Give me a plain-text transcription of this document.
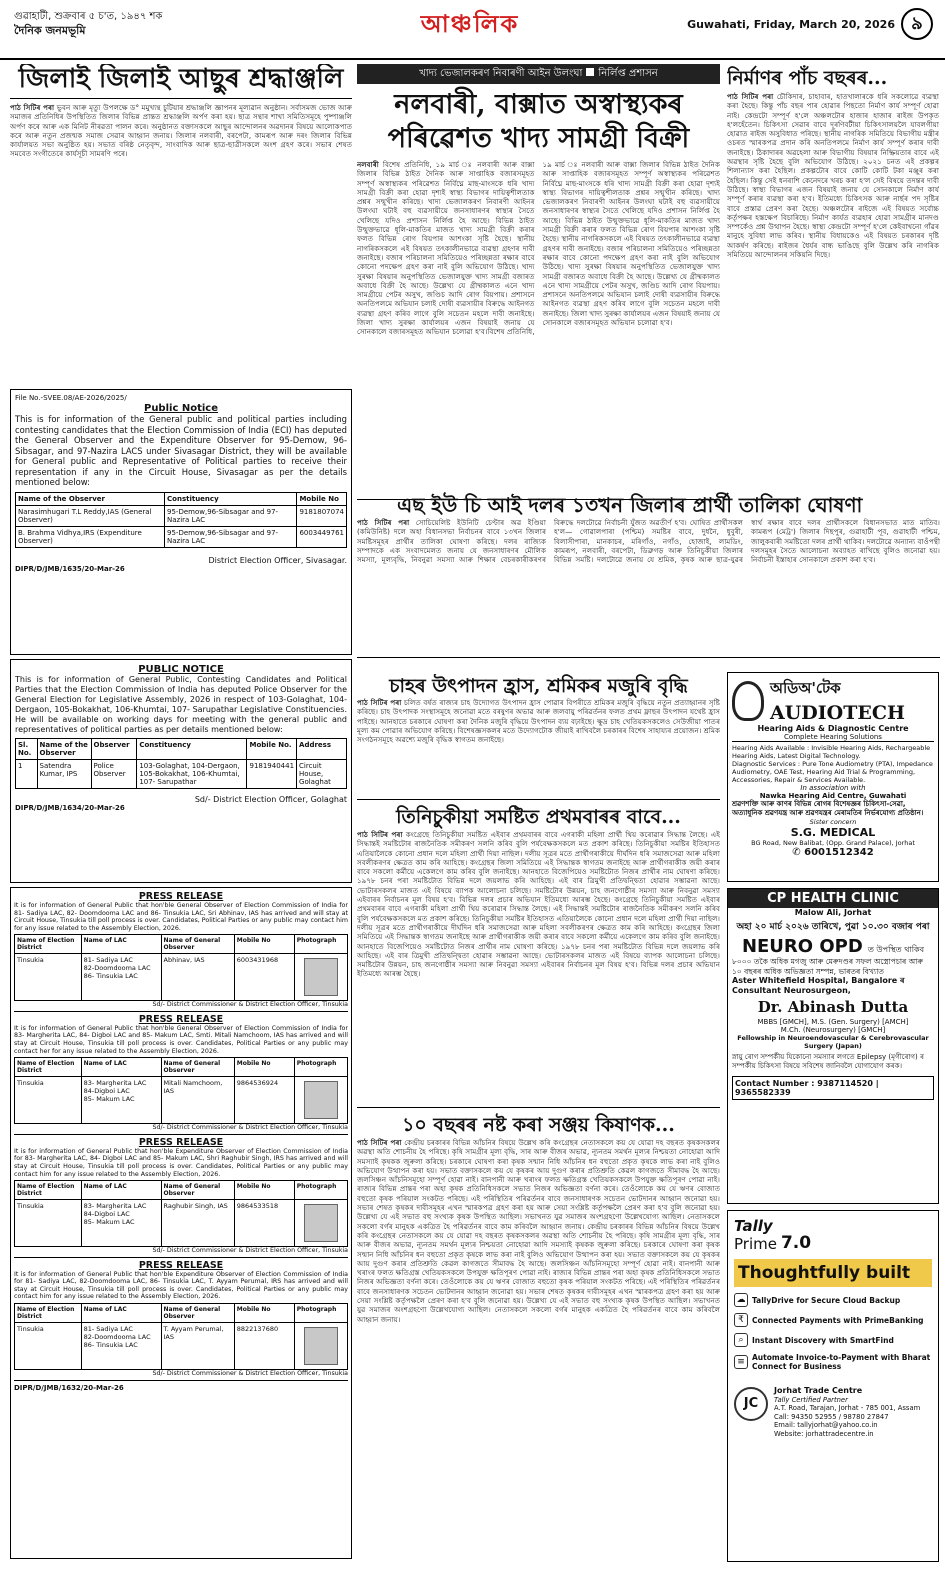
গুৱাহাটী, শুক্ৰবাৰ ৫ চ'ত, ১৯৪৭ শক
দৈনিক জনমভূমি	আঞ্চলিক	Guwahati, Friday, March 20, 2026 ৯
জিলাই জিলাই আছুৰ শ্ৰদ্ধাঞ্জলি
পাঠ সিটিৰ পৰা ভুবন আৰু মৃত্যু উপলক্ষে ড° মমুখ্যন্থ চুটিয়াৰ শ্ৰদ্ধাঞ্জলি জ্ঞাপনৰ মূল্যৱান অনুষ্ঠান। সৰ্বাসমজ ভোজ আৰু সমাজৰ প্ৰতিনিধিৰ উপস্থিতিত জিলাৰ বিভিন্ন প্ৰান্তত শ্ৰদ্ধাঞ্জলি অৰ্পণ কৰা হয়। ছাত্ৰ সন্থাৰ শাখা সমিতিসমূহে পুষ্পাঞ্জলি অৰ্পণ কৰে আৰু এক মিনিট নীৰৱতা পালন কৰে। অনুষ্ঠানত বক্তাসকলে আছুৰ আন্দোলনৰ অৱদানৰ বিষয়ে আলোকপাত কৰে আৰু নতুন প্ৰজন্মক সমাজ সেৱাৰ আহ্বান জনায়। জিলাৰ নলবাৰী, বৰপেটা, কামৰূপ আৰু দৰং জিলাৰ বিভিন্ন কাৰ্যালয়ত সভা অনুষ্ঠিত হয়। সভাত বৰিষ্ঠ নেতৃবৃন্দ, সাংবাদিক আৰু ছাত্ৰ-ছাত্ৰীসকলে অংশ গ্ৰহণ কৰে। সভাৰ শেষত সমবেত সংগীতেৰে কাৰ্যসূচী সামৰণি পৰে।
File No.-SVEE.08/AE-2026/2025/
Public Notice
This is for information of the General public and political parties including contesting candidates that the Election Commission of India (ECI) has deputed the General Observer and the Expenditure Observer for 95-Demow, 96-Sibsagar, and 97-Nazira LACS under Sivasagar District, they will be available for General public and Representative of Political parties to receive their representation if any in the Circuit House, Sivasagar as per the details mentioned below:
Name of the Observer	Constituency	Mobile No
Narasimhugari T.L Reddy,IAS (General Observer)	95-Demow,96-Sibsagar and 97-Nazira LAC	9181807074
B. Brahma Vidhya,IRS (Expenditure Observer)	95-Demow,96-Sibsagar and 97-Nazira LAC	6003449761
District Election Officer, Sivasagar.
DIPR/D/JMB/1635/20-Mar-26
PUBLIC NOTICE
This is for information of General Public, Contesting Candidates and Political Parties that the Election Commission of India has deputed Police Observer for the General Election for Legislative Assembly, 2026 in respect of 103-Golaghat, 104-Dergaon, 105-Bokakhat, 106-Khumtai, 107- Sarupathar Legislative Constituencies. He will be available on working days for meeting with the general public and representatives of political parties as per details mentioned below:
Sl. No.	Name of the Observer	Observer	Constituency	Mobile No.	Address
1	Satendra Kumar, IPS	Police Observer	103-Golaghat, 104-Dergaon, 105-Bokakhat, 106-Khumtai, 107- Sarupathar	9181940441	Circuit House, Golaghat
Sd/- District Election Officer, Golaghat
DIPR/D/JMB/1634/20-Mar-26
PRESS RELEASE
It is for information of General Public that hon'ble General Observer of Election Commission of India for 81- Sadiya LAC, 82- Doomdooma LAC and 86- Tinsukia LAC, Sri Abhinav, IAS has arrived and will stay at Circuit House, Tinsukia till poll process is over. Candidates, Political Parties or any public may contact him for any issue related to the Assembly Election, 2026.
Name of Election District	Name of LAC	Name of General Observer	Mobile No	Photograph
Tinsukia	81- Sadiya LAC
82-Doomdooma LAC
86- Tinsukia LAC	Abhinav, IAS	6003431968	
Sd/- District Commissioner & District Election Officer, Tinsukia
PRESS RELEASE
It is for information of General Public that hon'ble General Observer of Election Commission of India for 83- Margherita LAC, 84- Digboi LAC and 85- Makum LAC, Smti. Mitali Namchoom, IAS has arrived and will stay at Circuit House, Tinsukia till poll process is over. Candidates, Political Parties or any public may contact her for any issue related to the Assembly Election, 2026.
Name of Election District	Name of LAC	Name of General Observer	Mobile No	Photograph
Tinsukia	83- Margherita LAC
84-Digboi LAC
85- Makum LAC	Mitali Namchoom, IAS	9864536924	
Sd/- District Commissioner & District Election Officer, Tinsukia
PRESS RELEASE
It is for information of General Public that hon'ble Expenditure Observer of Election Commission of India for 83- Margherita LAC, 84- Digboi LAC and 85- Makum LAC, Shri Raghubir Singh, IRS has arrived and will stay at Circuit House, Tinsukia till poll process is over. Candidates, Political Parties or any public may contact him for any issue related to the Assembly Election, 2026.
Name of Election District	Name of LAC	Name of General Observer	Mobile No	Photograph
Tinsukia	83- Margherita LAC
84-Digboi LAC
85- Makum LAC	Raghubir Singh, IAS	9864533518	
Sd/- District Commissioner & District Election Officer, Tinsukia
PRESS RELEASE
It is for information of General Public that hon'ble Expenditure Observer of Election Commission of India for 81- Sadiya LAC, 82-Doomdooma LAC, 86- Tinsukia LAC, T. Ayyam Perumal, IRS has arrived and will stay at Circuit House, Tinsukia till poll process is over. Candidates, Political Parties or any public may contact him for any issue related to the Assembly Election, 2026.
Name of Election District	Name of LAC	Name of General Observer	Mobile No	Photograph
Tinsukia	81- Sadiya LAC
82-Doomdooma LAC
86- Tinsukia LAC	T. Ayyam Perumal, IAS	8822137680	
Sd/- District Commissioner & District Election Officer, Tinsukia
DIPR/D/JMB/1632/20-Mar-26
খাদ্য ভেজালকৰণ নিবাৰণী আইন উলংঘা নিৰ্লিপ্ত প্ৰশাসন
নলবাৰী, বাক্সাত অস্বাস্থ্যকৰ পৰিৱেশত খাদ্য সামগ্ৰী বিক্ৰী
নলবাৰী বিশেষ প্ৰতিনিধি, ১৯ মাৰ্চ ঃ নলবাৰী আৰু বাক্সা জিলাৰ বিভিন্ন ঠাইত দৈনিক আৰু সাপ্তাহিক বজাৰসমূহত সম্পূৰ্ণ অস্বাস্থ্যকৰ পৰিৱেশত নিৰ্বিঘ্নে মাছ-মাংসকে ধৰি খাদ্য সামগ্ৰী বিক্ৰী কৰা হোৱা দৃশ্যই স্বাস্থ্য বিভাগৰ দায়িত্বশীলতাক প্ৰশ্নৰ সন্মুখীন কৰিছে। খাদ্য ভেজালকৰণ নিবাৰণী আইনৰ উলংঘা ঘটাই বহু ব্যৱসায়ীয়ে জনসাধাৰণৰ স্বাস্থ্যৰ সৈতে খেলিছে যদিও প্ৰশাসন নিৰ্লিপ্ত হৈ আছে। বিভিন্ন ঠাইত উন্মুক্তভাৱে ধূলি-মাকতিৰ মাজত খাদ্য সামগ্ৰী বিক্ৰী কৰাৰ ফলত বিভিন্ন ৰোগ বিয়পাৰ আশংকা সৃষ্টি হৈছে। স্থানীয় নাগৰিকসকলে এই বিষয়ত তৎকালীনভাৱে ব্যৱস্থা গ্ৰহণৰ দাবী জনাইছে। বজাৰ পৰিচালনা সমিতিয়েও পৰিচ্ছন্নতা ৰক্ষাৰ বাবে কোনো পদক্ষেপ গ্ৰহণ কৰা নাই বুলি অভিযোগ উঠিছে। খাদ্য সুৰক্ষা বিষয়াৰ অনুপস্থিতিত ভেজালযুক্ত খাদ্য সামগ্ৰী বজাৰত অবাধে বিক্ৰী হৈ আছে। উল্লেখ্য যে গ্ৰীষ্মকালত এনে খাদ্য সামগ্ৰীয়ে পেটৰ অসুখ, জণ্ডিচ আদি ৰোগ বিয়পায়। প্ৰশাসনে অনতিপলমে অভিযান চলাই দোষী ব্যৱসায়ীৰ বিৰুদ্ধে আইনগত ব্যৱস্থা গ্ৰহণ কৰিব লাগে বুলি সচেতন মহলে দাবী জনাইছে। জিলা খাদ্য সুৰক্ষা কাৰ্যালয়ৰ এজন বিষয়াই জনায় যে সোনকালে বজাৰসমূহত অভিযান চলোৱা হ'ব।বিশেষ প্ৰতিনিধি, ১৯ মাৰ্চ ঃ নলবাৰী আৰু বাক্সা জিলাৰ বিভিন্ন ঠাইত দৈনিক আৰু সাপ্তাহিক বজাৰসমূহত সম্পূৰ্ণ অস্বাস্থ্যকৰ পৰিৱেশত নিৰ্বিঘ্নে মাছ-মাংসকে ধৰি খাদ্য সামগ্ৰী বিক্ৰী কৰা হোৱা দৃশ্যই স্বাস্থ্য বিভাগৰ দায়িত্বশীলতাক প্ৰশ্নৰ সন্মুখীন কৰিছে। খাদ্য ভেজালকৰণ নিবাৰণী আইনৰ উলংঘা ঘটাই বহু ব্যৱসায়ীয়ে জনসাধাৰণৰ স্বাস্থ্যৰ সৈতে খেলিছে যদিও প্ৰশাসন নিৰ্লিপ্ত হৈ আছে। বিভিন্ন ঠাইত উন্মুক্তভাৱে ধূলি-মাকতিৰ মাজত খাদ্য সামগ্ৰী বিক্ৰী কৰাৰ ফলত বিভিন্ন ৰোগ বিয়পাৰ আশংকা সৃষ্টি হৈছে। স্থানীয় নাগৰিকসকলে এই বিষয়ত তৎকালীনভাৱে ব্যৱস্থা গ্ৰহণৰ দাবী জনাইছে। বজাৰ পৰিচালনা সমিতিয়েও পৰিচ্ছন্নতা ৰক্ষাৰ বাবে কোনো পদক্ষেপ গ্ৰহণ কৰা নাই বুলি অভিযোগ উঠিছে। খাদ্য সুৰক্ষা বিষয়াৰ অনুপস্থিতিত ভেজালযুক্ত খাদ্য সামগ্ৰী বজাৰত অবাধে বিক্ৰী হৈ আছে। উল্লেখ্য যে গ্ৰীষ্মকালত এনে খাদ্য সামগ্ৰীয়ে পেটৰ অসুখ, জণ্ডিচ আদি ৰোগ বিয়পায়। প্ৰশাসনে অনতিপলমে অভিযান চলাই দোষী ব্যৱসায়ীৰ বিৰুদ্ধে আইনগত ব্যৱস্থা গ্ৰহণ কৰিব লাগে বুলি সচেতন মহলে দাবী জনাইছে। জিলা খাদ্য সুৰক্ষা কাৰ্যালয়ৰ এজন বিষয়াই জনায় যে সোনকালে বজাৰসমূহত অভিযান চলোৱা হ'ব।
এছ ইউ চি আই দলৰ ১৩খন জিলাৰ প্ৰাৰ্থী তালিকা ঘোষণা
পাঠ সিটিৰ পৰা সোচিয়েলিষ্ট ইউনিটি চেণ্টাৰ অৱ ইণ্ডিয়া (কমিউনিষ্ট) দলে অহা বিধানসভা নিৰ্বাচনৰ বাবে ১৩খন জিলাৰ সমষ্টিসমূহৰ প্ৰাৰ্থীৰ তালিকা ঘোষণা কৰিছে। দলৰ ৰাজ্যিক সম্পাদকে এক সংবাদমেলত জনায় যে জনসাধাৰণৰ মৌলিক সমস্যা, মূল্যবৃদ্ধি, নিবনুৱা সমস্যা আৰু শিক্ষাৰ বেচৰকাৰীকৰণৰ বিৰুদ্ধে দলটোৱে নিৰ্বাচনী যুঁজত অৱতীৰ্ণ হ'ব। ঘোষিত প্ৰাৰ্থীসকল হ'ল— গোৱালপাৰা (পশ্চিম) সমষ্টিৰ বাবে, দুধনৈ, ধুবুৰী, বিলাসীপাৰা, মানকাচৰ, মৰিগাঁও, নগাঁও, হোজাই, লামডিং, কামৰূপ, নলবাৰী, বৰপেটা, ডিব্ৰুগড় আৰু তিনিচুকীয়া জিলাৰ বিভিন্ন সমষ্টি। দলটোৱে জনায় যে শ্ৰমিক, কৃষক আৰু ছাত্ৰ-যুৱৰ স্বাৰ্থ ৰক্ষাৰ বাবে দলৰ প্ৰাৰ্থীসকলে বিধানসভাত মাত মাতিব। কামৰূপ (মেট্ৰ') জিলাৰ দিছপুৰ, গুৱাহাটী পূব, গুৱাহাটী পশ্চিম, জালুকবাৰী সমষ্টিতো দলৰ প্ৰাৰ্থী থাকিব। দলটোৱে অন্যান্য বাওঁপন্থী দলসমূহৰ সৈতে আলোচনা অব্যাহত ৰাখিছে বুলিও জনোৱা হয়। নিৰ্বাচনী ইস্তাহাৰ সোনকালে প্ৰকাশ কৰা হ'ব।
চাহৰ উৎপাদন হ্ৰাস, শ্ৰমিকৰ মজুৰি বৃদ্ধি
পাঠ সিটিৰ পৰা চলিত বৰ্ষত ৰাজ্যৰ চাহ উদ্যোগত উৎপাদন হ্ৰাস পোৱাৰ বিপৰীতে শ্ৰমিকৰ মজুৰি বৃদ্ধিয়ে নতুন প্ৰত্যাহ্বানৰ সৃষ্টি কৰিছে। চাহ উৎপাদক সংস্থাসমূহে জনোৱা মতে বৰষুণৰ অভাৱ আৰু জলবায়ু পৰিৱৰ্তনৰ ফলত প্ৰথম ফ্লাছৰ উৎপাদন যথেষ্ট হ্ৰাস পাইছে। আনহাতে চৰকাৰে ঘোষণা কৰা দৈনিক মজুৰি বৃদ্ধিয়ে উৎপাদন ব্যয় বঢ়াইছে। ক্ষুদ্ৰ চাহ খেতিয়কসকলেও সেউজীয়া পাতৰ মূল্য কম পোৱাৰ অভিযোগ কৰিছে। বিশেষজ্ঞসকলৰ মতে উদ্যোগটোক জীয়াই ৰাখিবলৈ চৰকাৰৰ বিশেষ সাহায্যৰ প্ৰয়োজন। শ্ৰমিক সংগঠনসমূহে অৱশ্যে মজুৰি বৃদ্ধিক স্বাগতম জনাইছে।
তিনিচুকীয়া সমষ্টিত প্ৰথমবাৰৰ বাবে...
পাঠ সিটিৰ পৰা কংগ্ৰেছে তিনিচুকীয়া সমষ্টিত এইবাৰ প্ৰথমবাৰৰ বাবে এগৰাকী মহিলা প্ৰাৰ্থী থিয় কৰোৱাৰ সিদ্ধান্ত লৈছে। এই সিদ্ধান্তই সমষ্টিটোৰ ৰাজনৈতিক সমীকৰণ সলনি কৰিব বুলি পৰ্যবেক্ষকসকলে মত প্ৰকাশ কৰিছে। তিনিচুকীয়া সমষ্টিৰ ইতিহাসত এতিয়ালৈকে কোনো প্ৰধান দলে মহিলা প্ৰাৰ্থী দিয়া নাছিল। দলীয় সূত্ৰৰ মতে প্ৰাৰ্থীগৰাকীয়ে দীৰ্ঘদিন ধৰি সমাজসেৱা আৰু মহিলা সবলীকৰণৰ ক্ষেত্ৰত কাম কৰি আহিছে। কংগ্ৰেছৰ জিলা সমিতিয়ে এই সিদ্ধান্তক স্বাগতম জনাইছে আৰু প্ৰাৰ্থীগৰাকীক জয়ী কৰাৰ বাবে সকলো কৰ্মীয়ে একেলগে কাম কৰিব বুলি জনাইছে। আনহাতে বিজেপিয়েও সমষ্টিটোত নিজৰ প্ৰাৰ্থীৰ নাম ঘোষণা কৰিছে। ১৯৭৮ চনৰ পৰা সমষ্টিটোত বিভিন্ন দলে জয়লাভ কৰি আহিছে। এই বাৰ ত্ৰিমুখী প্ৰতিদ্বন্দ্বিতা হোৱাৰ সম্ভাৱনা আছে। ভোটাৰসকলৰ মাজত এই বিষয়ে ব্যাপক আলোচনা চলিছে। সমষ্টিটোৰ উন্নয়ন, চাহ জনগোষ্ঠীৰ সমস্যা আৰু নিবনুৱা সমস্যা এইবাৰৰ নিৰ্বাচনৰ মূল বিষয় হ'ব। বিভিন্ন দলৰ প্ৰচাৰ অভিযান ইতিমধ্যে আৰম্ভ হৈছে। কংগ্ৰেছে তিনিচুকীয়া সমষ্টিত এইবাৰ প্ৰথমবাৰৰ বাবে এগৰাকী মহিলা প্ৰাৰ্থী থিয় কৰোৱাৰ সিদ্ধান্ত লৈছে। এই সিদ্ধান্তই সমষ্টিটোৰ ৰাজনৈতিক সমীকৰণ সলনি কৰিব বুলি পৰ্যবেক্ষকসকলে মত প্ৰকাশ কৰিছে। তিনিচুকীয়া সমষ্টিৰ ইতিহাসত এতিয়ালৈকে কোনো প্ৰধান দলে মহিলা প্ৰাৰ্থী দিয়া নাছিল। দলীয় সূত্ৰৰ মতে প্ৰাৰ্থীগৰাকীয়ে দীৰ্ঘদিন ধৰি সমাজসেৱা আৰু মহিলা সবলীকৰণৰ ক্ষেত্ৰত কাম কৰি আহিছে। কংগ্ৰেছৰ জিলা সমিতিয়ে এই সিদ্ধান্তক স্বাগতম জনাইছে আৰু প্ৰাৰ্থীগৰাকীক জয়ী কৰাৰ বাবে সকলো কৰ্মীয়ে একেলগে কাম কৰিব বুলি জনাইছে। আনহাতে বিজেপিয়েও সমষ্টিটোত নিজৰ প্ৰাৰ্থীৰ নাম ঘোষণা কৰিছে। ১৯৭৮ চনৰ পৰা সমষ্টিটোত বিভিন্ন দলে জয়লাভ কৰি আহিছে। এই বাৰ ত্ৰিমুখী প্ৰতিদ্বন্দ্বিতা হোৱাৰ সম্ভাৱনা আছে। ভোটাৰসকলৰ মাজত এই বিষয়ে ব্যাপক আলোচনা চলিছে। সমষ্টিটোৰ উন্নয়ন, চাহ জনগোষ্ঠীৰ সমস্যা আৰু নিবনুৱা সমস্যা এইবাৰৰ নিৰ্বাচনৰ মূল বিষয় হ'ব। বিভিন্ন দলৰ প্ৰচাৰ অভিযান ইতিমধ্যে আৰম্ভ হৈছে।
১০ বছৰৰ নষ্ট কৰা সঞ্জয় কিষাণক...
পাঠ সিটিৰ পৰা কেন্দ্ৰীয় চৰকাৰৰ বিভিন্ন আঁচনিৰ বিষয়ে উল্লেখ কৰি কংগ্ৰেছৰ নেতাসকলে কয় যে যোৱা দহ বছৰত কৃষকসকলৰ অৱস্থা অতি শোচনীয় হৈ পৰিছে। কৃষি সামগ্ৰীৰ মূল্য বৃদ্ধি, সাৰ আৰু বীজৰ অভাৱ, ন্যূনতম সমৰ্থন মূল্যৰ নিশ্চয়তা নোহোৱা আদি সমস্যাই কৃষকক জুৰুলা কৰিছে। চৰকাৰে ঘোষণা কৰা কৃষক সন্মান নিধি আঁচনিৰ ধন বহুতো প্ৰকৃত কৃষকে লাভ কৰা নাই বুলিও অভিযোগ উত্থাপন কৰা হয়। সভাত বক্তাসকলে কয় যে কৃষকৰ আয় দুগুণ কৰাৰ প্ৰতিশ্ৰুতি কেৱল কাগজতে সীমাবদ্ধ হৈ আছে। জলসিঞ্চন আঁচনিসমূহো সম্পূৰ্ণ হোৱা নাই। বানপানী আৰু খৰাংৰ ফলত ক্ষতিগ্ৰস্ত খেতিয়কসকলে উপযুক্ত ক্ষতিপূৰণ পোৱা নাই। ৰাজ্যৰ বিভিন্ন প্ৰান্তৰ পৰা অহা কৃষক প্ৰতিনিধিসকলে সভাত নিজৰ অভিজ্ঞতা বৰ্ণনা কৰে। তেওঁলোকে কয় যে ঋণৰ বোজাত বহুতো কৃষক পৰিয়াল সংকটত পৰিছে। এই পৰিস্থিতিৰ পৰিৱৰ্তনৰ বাবে জনসাধাৰণক সচেতন ভোটদানৰ আহ্বান জনোৱা হয়। সভাৰ শেষত কৃষকৰ দাবীসমূহৰ এখন স্মাৰকপত্ৰ গ্ৰহণ কৰা হয় আৰু সেয়া সংশ্লিষ্ট কৰ্তৃপক্ষলৈ প্ৰেৰণ কৰা হ'ব বুলি জনোৱা হয়। উল্লেখ্য যে এই সভাত বহু সংখ্যক কৃষক উপস্থিত আছিল। সভাখনত যুৱ সমাজৰ অংশগ্ৰহণো উল্লেখযোগ্য আছিল। নেতাসকলে সকলো বৰ্গৰ মানুহক একত্ৰিত হৈ পৰিৱৰ্তনৰ বাবে কাম কৰিবলৈ আহ্বান জনায়। কেন্দ্ৰীয় চৰকাৰৰ বিভিন্ন আঁচনিৰ বিষয়ে উল্লেখ কৰি কংগ্ৰেছৰ নেতাসকলে কয় যে যোৱা দহ বছৰত কৃষকসকলৰ অৱস্থা অতি শোচনীয় হৈ পৰিছে। কৃষি সামগ্ৰীৰ মূল্য বৃদ্ধি, সাৰ আৰু বীজৰ অভাৱ, ন্যূনতম সমৰ্থন মূল্যৰ নিশ্চয়তা নোহোৱা আদি সমস্যাই কৃষকক জুৰুলা কৰিছে। চৰকাৰে ঘোষণা কৰা কৃষক সন্মান নিধি আঁচনিৰ ধন বহুতো প্ৰকৃত কৃষকে লাভ কৰা নাই বুলিও অভিযোগ উত্থাপন কৰা হয়। সভাত বক্তাসকলে কয় যে কৃষকৰ আয় দুগুণ কৰাৰ প্ৰতিশ্ৰুতি কেৱল কাগজতে সীমাবদ্ধ হৈ আছে। জলসিঞ্চন আঁচনিসমূহো সম্পূৰ্ণ হোৱা নাই। বানপানী আৰু খৰাংৰ ফলত ক্ষতিগ্ৰস্ত খেতিয়কসকলে উপযুক্ত ক্ষতিপূৰণ পোৱা নাই। ৰাজ্যৰ বিভিন্ন প্ৰান্তৰ পৰা অহা কৃষক প্ৰতিনিধিসকলে সভাত নিজৰ অভিজ্ঞতা বৰ্ণনা কৰে। তেওঁলোকে কয় যে ঋণৰ বোজাত বহুতো কৃষক পৰিয়াল সংকটত পৰিছে। এই পৰিস্থিতিৰ পৰিৱৰ্তনৰ বাবে জনসাধাৰণক সচেতন ভোটদানৰ আহ্বান জনোৱা হয়। সভাৰ শেষত কৃষকৰ দাবীসমূহৰ এখন স্মাৰকপত্ৰ গ্ৰহণ কৰা হয় আৰু সেয়া সংশ্লিষ্ট কৰ্তৃপক্ষলৈ প্ৰেৰণ কৰা হ'ব বুলি জনোৱা হয়। উল্লেখ্য যে এই সভাত বহু সংখ্যক কৃষক উপস্থিত আছিল। সভাখনত যুৱ সমাজৰ অংশগ্ৰহণো উল্লেখযোগ্য আছিল। নেতাসকলে সকলো বৰ্গৰ মানুহক একত্ৰিত হৈ পৰিৱৰ্তনৰ বাবে কাম কৰিবলৈ আহ্বান জনায়।
নিৰ্মাণৰ পাঁচ বছৰৰ...
পাঠ সিটিৰ পৰা চৌকিদাৰ, চাহাবাৰ, হাতখালাৰকে ধৰি সকলোৱে ব্যৱস্থা কৰা হৈছে। কিন্তু পাঁচ বছৰ পাৰ হোৱাৰ পিছতো নিৰ্মাণ কাৰ্য সম্পূৰ্ণ হোৱা নাই। কেন্দ্ৰটো সম্পূৰ্ণ হ'লে অঞ্চলটোৰ হাজাৰ হাজাৰ ৰাইজ উপকৃত হ'লহেঁতেন। চিকিৎসা সেৱাৰ বাবে দূৰণিবটীয়া চিকিৎসালয়লৈ যাবলগীয়া হোৱাত ৰাইজ অসুবিধাত পৰিছে। স্থানীয় নাগৰিক সমিতিয়ে বিভাগীয় মন্ত্ৰীৰ ওচৰত স্মাৰকপত্ৰ প্ৰদান কৰি অনতিপলমে নিৰ্মাণ কাৰ্য সম্পূৰ্ণ কৰাৰ দাবী জনাইছে। ঠিকাদাৰৰ অৱহেলা আৰু বিভাগীয় বিষয়াৰ নিষ্ক্ৰিয়তাৰ বাবে এই অৱস্থাৰ সৃষ্টি হৈছে বুলি অভিযোগ উঠিছে। ২০২১ চনত এই প্ৰকল্পৰ শিলান্যাস কৰা হৈছিল। প্ৰকল্পটোৰ বাবে কোটি কোটি টকা মঞ্জুৰ কৰা হৈছিল। কিন্তু সেই ধনৰাশি কেনেদৰে খৰচ কৰা হ'ল সেই বিষয়ে তদন্তৰ দাবী উঠিছে। স্বাস্থ্য বিভাগৰ এজন বিষয়াই জনায় যে সোনকালে নিৰ্মাণ কাৰ্য সম্পূৰ্ণ কৰাৰ ব্যৱস্থা কৰা হ'ব। ইতিমধ্যে চিকিৎসক আৰু নাৰ্ছৰ পদ সৃষ্টিৰ বাবে প্ৰস্তাৱ প্ৰেৰণ কৰা হৈছে। অঞ্চলটোৰ ৰাইজে এই বিষয়ত সৰ্বোচ্চ কৰ্তৃপক্ষৰ হস্তক্ষেপ বিচাৰিছে। নিৰ্মাণ কাৰ্যত ব্যৱহাৰ হোৱা সামগ্ৰীৰ মানদণ্ড সম্পৰ্কেও প্ৰশ্ন উত্থাপন হৈছে। স্বাস্থ্য কেন্দ্ৰটো সম্পূৰ্ণ হ'লে কেইবাখনো গাঁৱৰ মানুহে সুবিধা লাভ কৰিব। স্থানীয় বিধায়কেও এই বিষয়ত চৰকাৰৰ দৃষ্টি আকৰ্ষণ কৰিছে। ৰাইজৰ ধৈৰ্যৰ বান্ধ ভাঙিছে বুলি উল্লেখ কৰি নাগৰিক সমিতিয়ে আন্দোলনৰ সকিয়নি দিছে।
অডিঅ'টেক
AUDIOTECH
Hearing Aids & Diagnostic Centre
Complete Hearing Solutions
Hearing Aids Available : Invisible Hearing Aids, Rechargeable Hearing Aids, Latest Digital Technology.
Diagnostic Services : Pure Tone Audiometry (PTA), Impedance Audiometry, OAE Test, Hearing Aid Trial & Programming, Accessories, Repair & Services Available.
In association with
Nawka Hearing Aid Centre, Guwahati
শ্ৰৱণশক্তি আৰু কাণৰ বিভিন্ন ৰোগৰ বিশেষজ্ঞৰ চিকিৎসা-সেৱা, অত্যাধুনিক শ্ৰৱণযন্ত্ৰ আৰু শ্ৰৱণযন্ত্ৰৰ মেৰামতিৰ নিৰ্ভৰযোগ্য প্ৰতিষ্ঠান।
Sister concern
S.G. MEDICAL
BG Road, New Balibat, (Opp. Grand Palace), Jorhat
✆ 6001512342
CP HEALTH CLINIC
Malow Ali, Jorhat
অহা ২০ মাৰ্চ ২০২৬ তাৰিখে, পুৱা ১০.৩০ বজাৰ পৰা
NEURO OPD ত উপস্থিত থাকিব
৮০০০ তকৈ অধিক মগজু আৰু মেৰুদণ্ডৰ সফল অস্ত্ৰোপচাৰ আৰু ১০ বছৰৰ অধিক অভিজ্ঞতা সম্পন্ন, ভাৰতৰ বিখ্যাত
Aster Whitefield Hospital, Bangalore ৰ Consultant Neurosurgeon,
Dr. Abinash Dutta
MBBS [GMCH], M.S. (Gen. Surgery) [AMCH]
M.Ch. (Neurosurgery) [GMCH]
Fellowship in Neuroendovascular & Cerebrovascular Surgery (Japan)
স্নায়ু ৰোগ সম্পৰ্কীয় যিকোনো সমস্যাৰ লগতে Epilepsy (মৃগীৰোগ) ৰ সম্পৰ্কীয় চিকিৎসা বিষয়ে সবিশেষ জানিবলৈ যোগাযোগ কৰক।
Contact Number : 9387114520 | 9365582339
Tally
Prime 7.0
Thoughtfully built
☁ TallyDrive for Secure Cloud Backup
₹	Connected Payments with PrimeBanking
⌕	Instant Discovery with SmartFind
≡ Automate Invoice-to-Payment with Bharat Connect for Business
JC
Jorhat Trade Centre
Tally Certified Partner
A.T. Road, Tarajan, Jorhat - 785 001, Assam
Call: 94350 52955 / 98780 27847
Email: tallyjorhat@yahoo.co.in
Website: jorhattradecentre.in
